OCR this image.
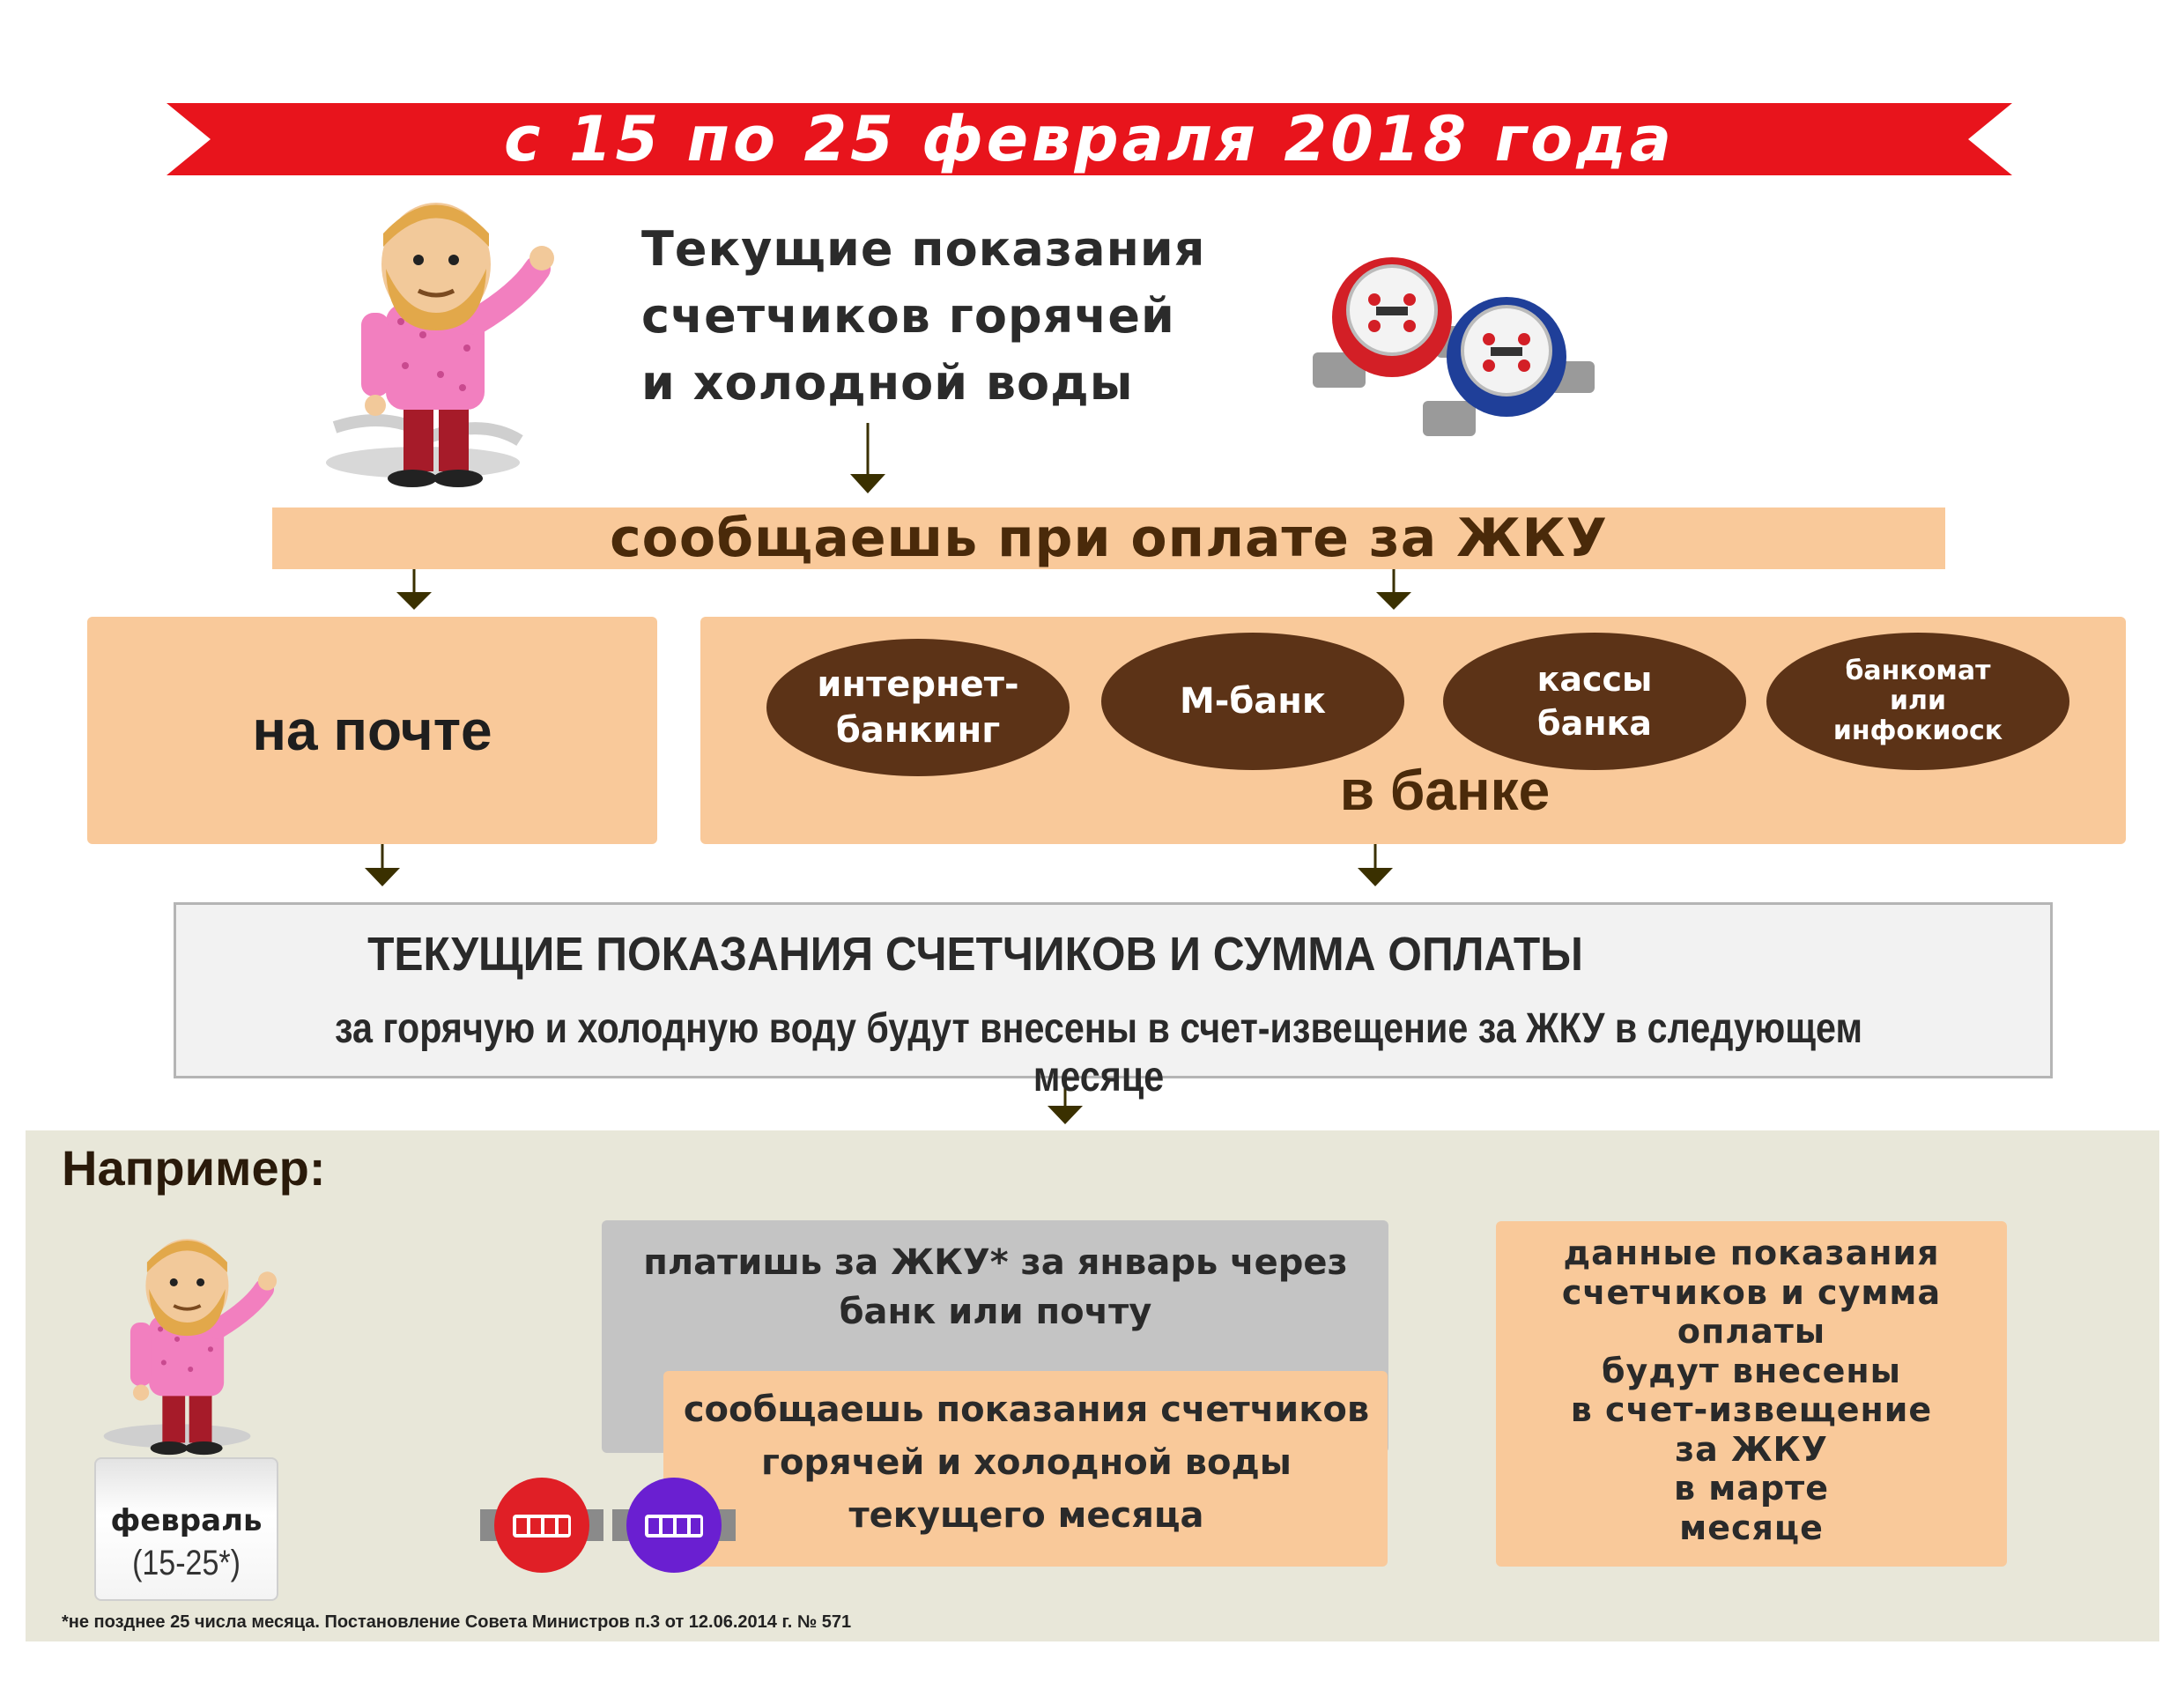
с 15 по 25 февраля 2018 года
Текущие показания
счетчиков горячей
и холодной воды
сообщаешь при оплате за ЖКУ
на почте
интернет-
банкинг
М-банк
кассы
банка
банкомат
или
инфокиоск
в банке
ТЕКУЩИЕ ПОКАЗАНИЯ СЧЕТЧИКОВ И СУММА ОПЛАТЫ
за горячую и холодную воду будут внесены в счет-извещение за ЖКУ в следующем месяце
Например:
февраль
(15-25*)
платишь за ЖКУ* за январь через
банк или почту
сообщаешь показания счетчиков
горячей и холодной воды
текущего месяца
данные показания
счетчиков и сумма
оплаты
будут внесены
в счет-извещение
за ЖКУ
в марте
месяце
*не позднее 25 числа месяца. Постановление Совета Министров п.3 от 12.06.2014 г. № 571
